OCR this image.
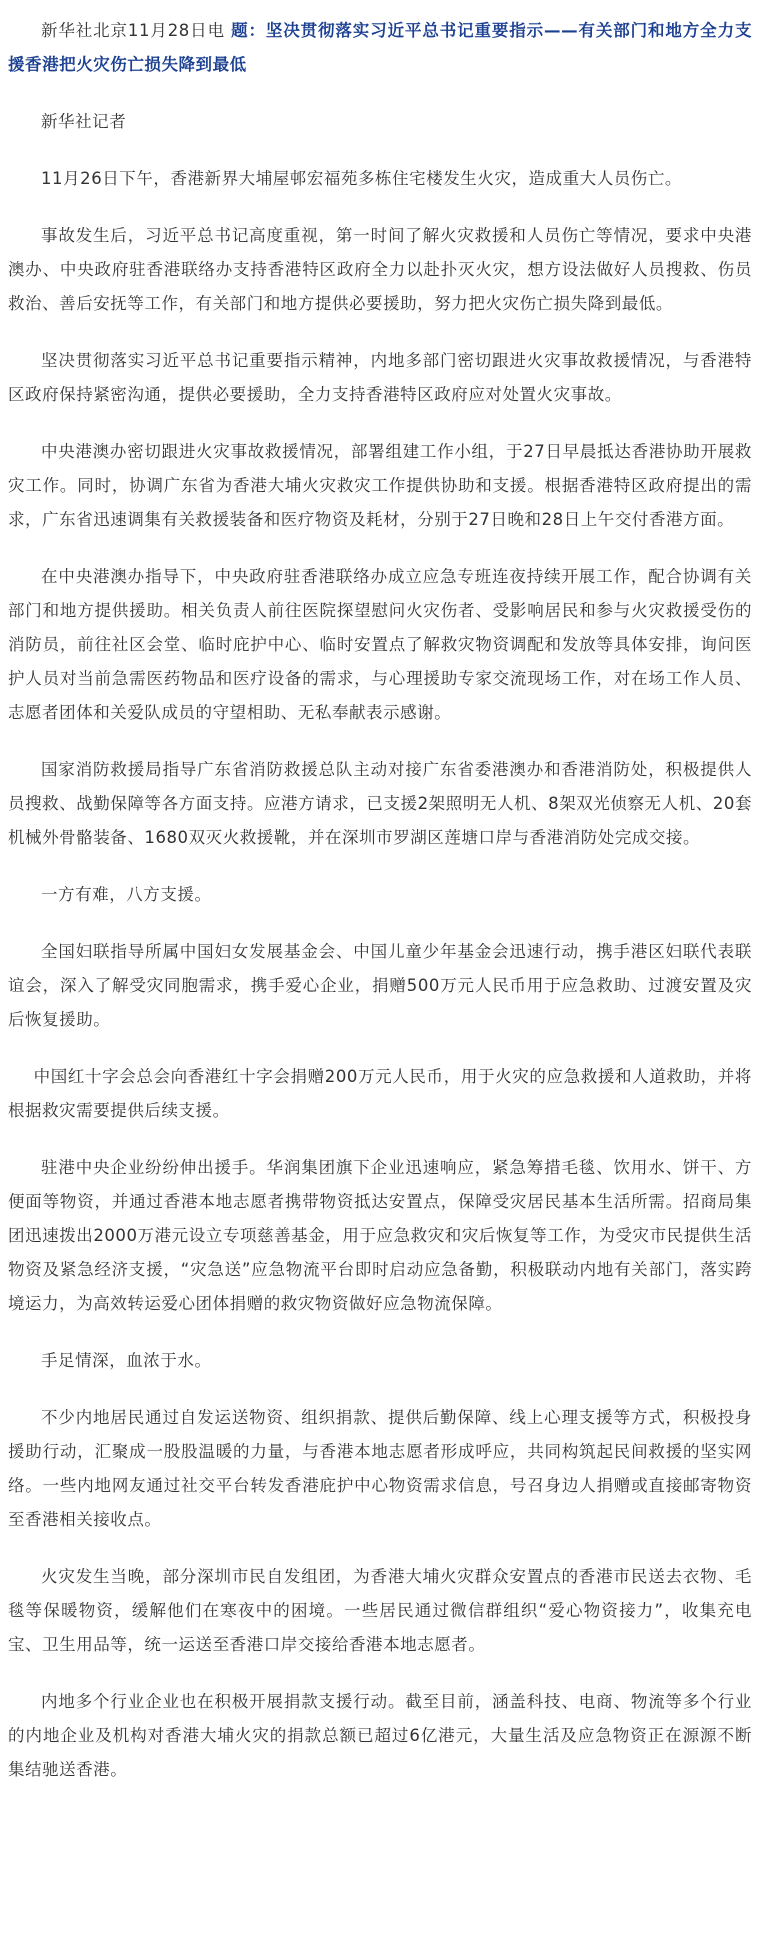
新华社北京11月28日电 题：坚决贯彻落实习近平总书记重要指示——有关部门和地方全力支援香港把火灾伤亡损失降到最低

新华社记者

11月26日下午，香港新界大埔屋邨宏福苑多栋住宅楼发生火灾，造成重大人员伤亡。

事故发生后，习近平总书记高度重视，第一时间了解火灾救援和人员伤亡等情况，要求中央港澳办、中央政府驻香港联络办支持香港特区政府全力以赴扑灭火灾，想方设法做好人员搜救、伤员救治、善后安抚等工作，有关部门和地方提供必要援助，努力把火灾伤亡损失降到最低。

坚决贯彻落实习近平总书记重要指示精神，内地多部门密切跟进火灾事故救援情况，与香港特区政府保持紧密沟通，提供必要援助，全力支持香港特区政府应对处置火灾事故。

中央港澳办密切跟进火灾事故救援情况，部署组建工作小组，于27日早晨抵达香港协助开展救灾工作。同时，协调广东省为香港大埔火灾救灾工作提供协助和支援。根据香港特区政府提出的需求，广东省迅速调集有关救援装备和医疗物资及耗材，分别于27日晚和28日上午交付香港方面。

在中央港澳办指导下，中央政府驻香港联络办成立应急专班连夜持续开展工作，配合协调有关部门和地方提供援助。相关负责人前往医院探望慰问火灾伤者、受影响居民和参与火灾救援受伤的消防员，前往社区会堂、临时庇护中心、临时安置点了解救灾物资调配和发放等具体安排，询问医护人员对当前急需医药物品和医疗设备的需求，与心理援助专家交流现场工作，对在场工作人员、志愿者团体和关爱队成员的守望相助、无私奉献表示感谢。

国家消防救援局指导广东省消防救援总队主动对接广东省委港澳办和香港消防处，积极提供人员搜救、战勤保障等各方面支持。应港方请求，已支援2架照明无人机、8架双光侦察无人机、20套机械外骨骼装备、1680双灭火救援靴，并在深圳市罗湖区莲塘口岸与香港消防处完成交接。

一方有难，八方支援。

全国妇联指导所属中国妇女发展基金会、中国儿童少年基金会迅速行动，携手港区妇联代表联谊会，深入了解受灾同胞需求，携手爱心企业，捐赠500万元人民币用于应急救助、过渡安置及灾后恢复援助。

中国红十字会总会向香港红十字会捐赠200万元人民币，用于火灾的应急救援和人道救助，并将根据救灾需要提供后续支援。

驻港中央企业纷纷伸出援手。华润集团旗下企业迅速响应，紧急筹措毛毯、饮用水、饼干、方便面等物资，并通过香港本地志愿者携带物资抵达安置点，保障受灾居民基本生活所需。招商局集团迅速拨出2000万港元设立专项慈善基金，用于应急救灾和灾后恢复等工作，为受灾市民提供生活物资及紧急经济支援，“灾急送”应急物流平台即时启动应急备勤，积极联动内地有关部门，落实跨境运力，为高效转运爱心团体捐赠的救灾物资做好应急物流保障。

手足情深，血浓于水。

不少内地居民通过自发运送物资、组织捐款、提供后勤保障、线上心理支援等方式，积极投身援助行动，汇聚成一股股温暖的力量，与香港本地志愿者形成呼应，共同构筑起民间救援的坚实网络。一些内地网友通过社交平台转发香港庇护中心物资需求信息，号召身边人捐赠或直接邮寄物资至香港相关接收点。

火灾发生当晚，部分深圳市民自发组团，为香港大埔火灾群众安置点的香港市民送去衣物、毛毯等保暖物资，缓解他们在寒夜中的困境。一些居民通过微信群组织“爱心物资接力”，收集充电宝、卫生用品等，统一运送至香港口岸交接给香港本地志愿者。

内地多个行业企业也在积极开展捐款支援行动。截至目前，涵盖科技、电商、物流等多个行业的内地企业及机构对香港大埔火灾的捐款总额已超过6亿港元，大量生活及应急物资正在源源不断集结驰送香港。
